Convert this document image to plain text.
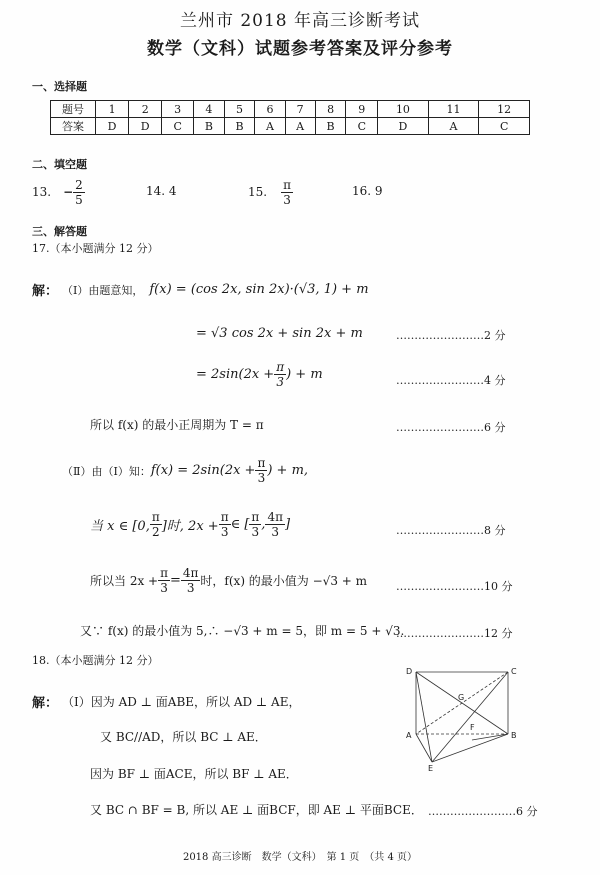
兰州市 2018 年高三诊断考试
数学（文科）试题参考答案及评分参考
一、选择题
题号	1	2	3	4	5	6	7	8	9	10	11	12
答案	D	D	C	B	B	A	A	B	C	D	A	C
二、填空题
13. − $\frac{2}{5}$	14. 4	15. $\frac{\pi}{3}$	16. 9
三、解答题
17.（本小题满分 12 分）
解： （Ⅰ）由题意知， f(x) = (cos 2x, sin 2x)·(√3, 1) + m
= √3 cos 2x + sin 2x + m	……………………2 分
= $2\sin(2x + \frac{\pi}{3}$ ) + m	……………………4 分
所以 f(x) 的最小正周期为 T = π	……………………6 分
（Ⅱ）由（Ⅰ）知： $f(x) = 2\sin(2x + \frac{\pi}{3}$ ) + m,
当 x ∈ [0, $\frac{\pi}{2}$ ]时, $2x + \frac{\pi}{3}$ ∈ [ $\frac{\pi}{3}$ , $\frac{4\pi}{3}$ ]	……………………8 分
所以当 $2x + \frac{\pi}{3} = \frac{4\pi}{3}$ 时，f(x) 的最小值为 −√3 + m	……………………10 分
又∵ f(x) 的最小值为 5,∴ −√3 + m = 5，即 m = 5 + √3.
……………………12 分
18.（本小题满分 12 分）
解： （Ⅰ）因为 AD ⊥ 面ABE，所以 AD ⊥ AE，
又 BC//AD，所以 BC ⊥ AE．
因为 BF ⊥ 面ACE，所以 BF ⊥ AE．
又 BC ∩ BF = B, 所以 AE ⊥ 面BCF，即 AE ⊥ 平面BCE． ……………………6 分
D	C
G
A	B
F
E
2018 高三诊断　数学（文科）　第 1 页　（共 4 页）
